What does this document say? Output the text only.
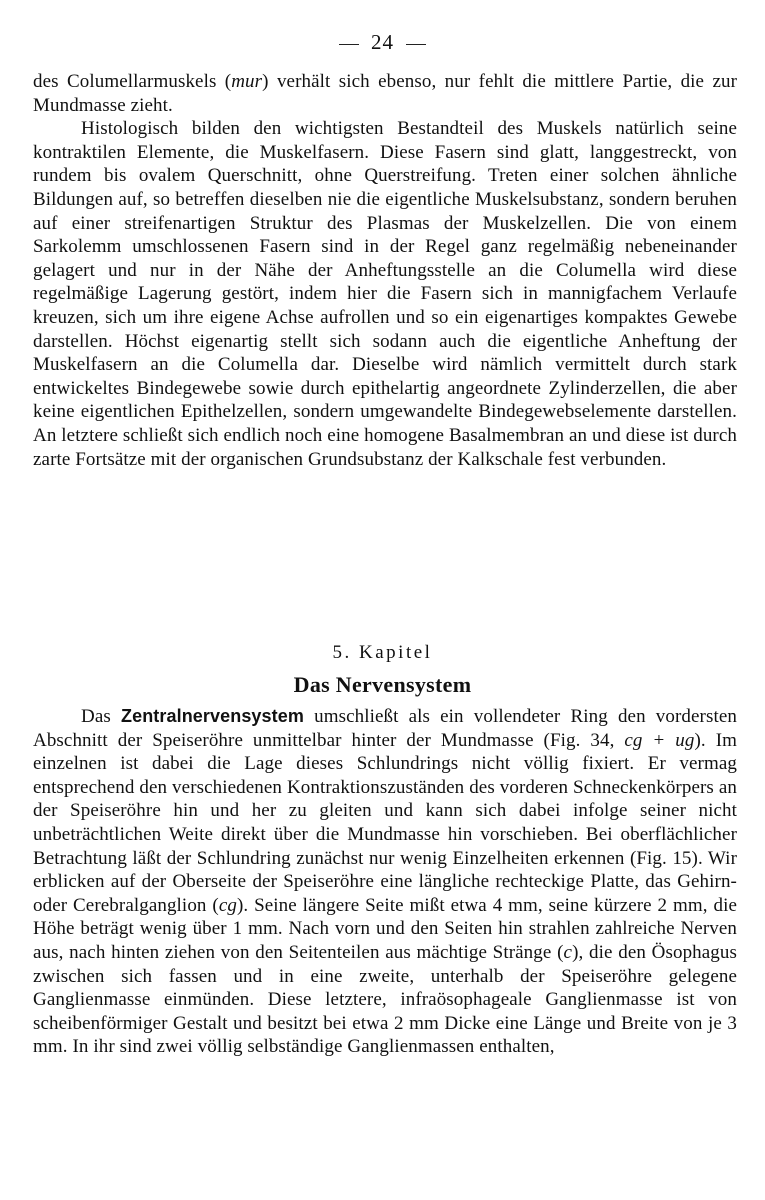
24

des Columellarmuskels (mur) verhält sich ebenso, nur fehlt die mittlere Partie, die zur Mundmasse zieht.

Histologisch bilden den wichtigsten Bestandteil des Muskels natürlich seine kontraktilen Elemente, die Muskelfasern. Diese Fasern sind glatt, langgestreckt, von rundem bis ovalem Querschnitt, ohne Querstreifung. Treten einer solchen ähnliche Bildungen auf, so betreffen dieselben nie die eigentliche Muskelsubstanz, sondern beruhen auf einer streifenartigen Struktur des Plasmas der Muskelzellen. Die von einem Sarkolemm umschlossenen Fasern sind in der Regel ganz regelmäßig nebeneinander gelagert und nur in der Nähe der Anheftungsstelle an die Columella wird diese regelmäßige Lagerung gestört, indem hier die Fasern sich in mannigfachem Verlaufe kreuzen, sich um ihre eigene Achse aufrollen und so ein eigenartiges kompaktes Gewebe darstellen. Höchst eigenartig stellt sich sodann auch die eigentliche Anheftung der Muskelfasern an die Columella dar. Dieselbe wird nämlich vermittelt durch stark entwickeltes Bindegewebe sowie durch epithelartig angeordnete Zylinderzellen, die aber keine eigentlichen Epithelzellen, sondern umgewandelte Bindegewebselemente darstellen. An letztere schließt sich endlich noch eine homogene Basalmembran an und diese ist durch zarte Fortsätze mit der organischen Grundsubstanz der Kalkschale fest verbunden.

5. Kapitel
Das Nervensystem

Das Zentralnervensystem umschließt als ein vollendeter Ring den vordersten Abschnitt der Speiseröhre unmittelbar hinter der Mundmasse (Fig. 34, cg + ug). Im einzelnen ist dabei die Lage dieses Schlundrings nicht völlig fixiert. Er vermag entsprechend den verschiedenen Kontraktionszuständen des vorderen Schneckenkörpers an der Speiseröhre hin und her zu gleiten und kann sich dabei infolge seiner nicht unbeträchtlichen Weite direkt über die Mundmasse hin vorschieben. Bei oberflächlicher Betrachtung läßt der Schlundring zunächst nur wenig Einzelheiten erkennen (Fig. 15). Wir erblicken auf der Oberseite der Speiseröhre eine längliche rechteckige Platte, das Gehirn- oder Cerebralganglion (cg). Seine längere Seite mißt etwa 4 mm, seine kürzere 2 mm, die Höhe beträgt wenig über 1 mm. Nach vorn und den Seiten hin strahlen zahlreiche Nerven aus, nach hinten ziehen von den Seitenteilen aus mächtige Stränge (c), die den Ösophagus zwischen sich fassen und in eine zweite, unterhalb der Speiseröhre gelegene Ganglienmasse einmünden. Diese letztere, infraösophageale Ganglienmasse ist von scheibenförmiger Gestalt und besitzt bei etwa 2 mm Dicke eine Länge und Breite von je 3 mm. In ihr sind zwei völlig selbständige Ganglienmassen enthalten,
